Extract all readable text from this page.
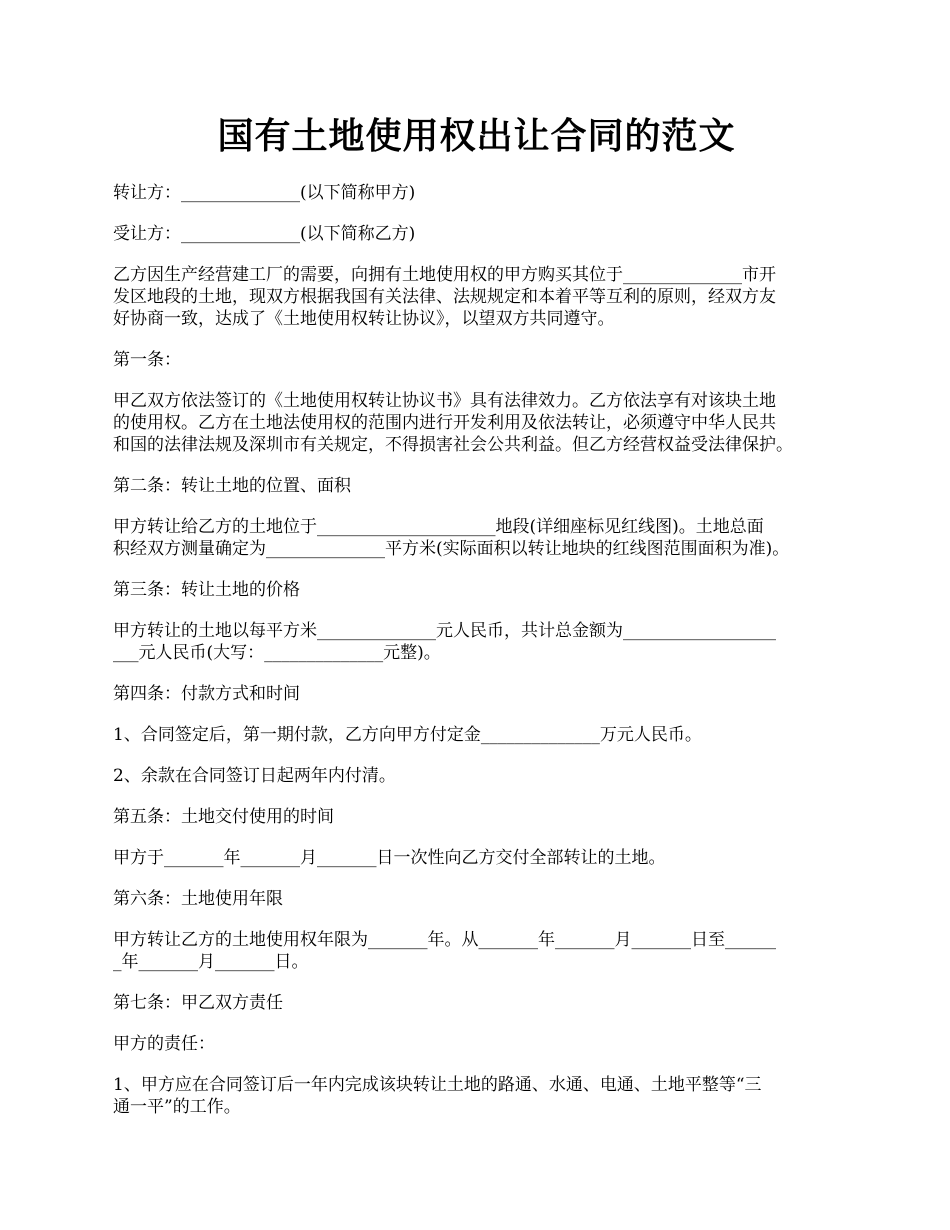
国有土地使用权出让合同的范文
转让方：______________(以下简称甲方)
受让方：______________(以下简称乙方)
乙方因生产经营建工厂的需要，向拥有土地使用权的甲方购买其位于______________市开
发区地段的土地，现双方根据我国有关法律、法规规定和本着平等互利的原则，经双方友
好协商一致，达成了《土地使用权转让协议》，以望双方共同遵守。
第一条：
甲乙双方依法签订的《土地使用权转让协议书》具有法律效力。乙方依法享有对该块土地
的使用权。乙方在土地法使用权的范围内进行开发利用及依法转让，必须遵守中华人民共
和国的法律法规及深圳市有关规定，不得损害社会公共利益。但乙方经营权益受法律保护。
第二条：转让土地的位置、面积
甲方转让给乙方的土地位于_____________________地段(详细座标见红线图)。土地总面
积经双方测量确定为______________平方米(实际面积以转让地块的红线图范围面积为准)。
第三条：转让土地的价格
甲方转让的土地以每平方米______________元人民币，共计总金额为__________________
___元人民币(大写：______________元整)。
第四条：付款方式和时间
1、合同签定后，第一期付款，乙方向甲方付定金______________万元人民币。
2、余款在合同签订日起两年内付清。
第五条：土地交付使用的时间
甲方于_______年_______月_______日一次性向乙方交付全部转让的土地。
第六条：土地使用年限
甲方转让乙方的土地使用权年限为_______年。从_______年_______月_______日至______
_年_______月_______日。
第七条：甲乙双方责任
甲方的责任：
1、甲方应在合同签订后一年内完成该块转让土地的路通、水通、电通、土地平整等“三
通一平”的工作。
